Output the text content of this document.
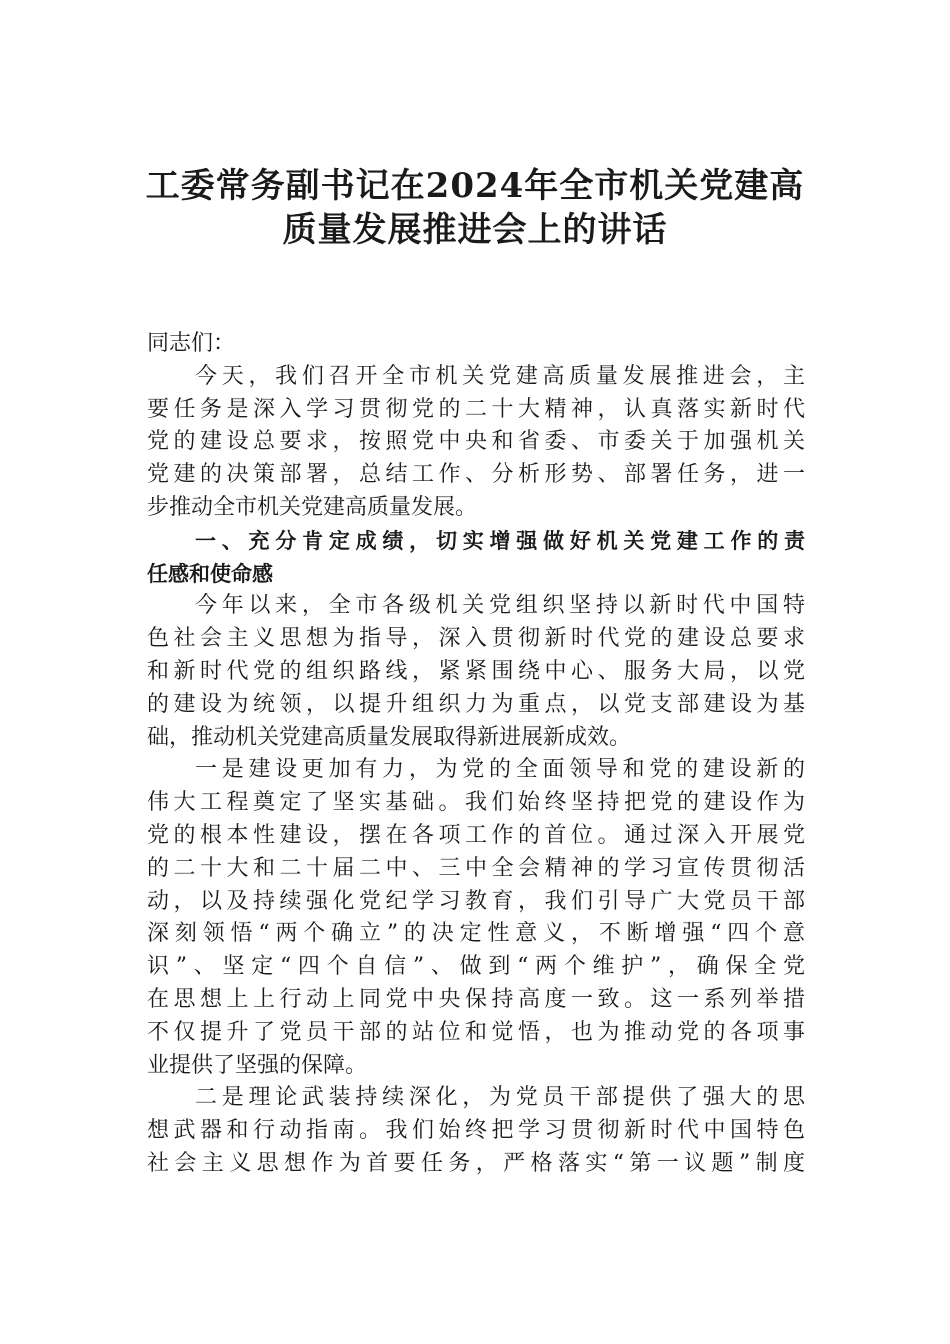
工委常务副书记在2024年全市机关党建高
质量发展推进会上的讲话
同志们：
今天，我们召开全市机关党建高质量发展推进会，主
要任务是深入学习贯彻党的二十大精神，认真落实新时代
党的建设总要求，按照党中央和省委、市委关于加强机关
党建的决策部署，总结工作、分析形势、部署任务，进一
步推动全市机关党建高质量发展。
一、充分肯定成绩，切实增强做好机关党建工作的责
任感和使命感
今年以来，全市各级机关党组织坚持以新时代中国特
色社会主义思想为指导，深入贯彻新时代党的建设总要求
和新时代党的组织路线，紧紧围绕中心、服务大局，以党
的建设为统领，以提升组织力为重点，以党支部建设为基
础，推动机关党建高质量发展取得新进展新成效。
一是建设更加有力，为党的全面领导和党的建设新的
伟大工程奠定了坚实基础。我们始终坚持把党的建设作为
党的根本性建设，摆在各项工作的首位。通过深入开展党
的二十大和二十届二中、三中全会精神的学习宣传贯彻活
动，以及持续强化党纪学习教育，我们引导广大党员干部
深刻领悟“两个确立”的决定性意义，不断增强“四个意
识”、坚定“四个自信”、做到“两个维护”，确保全党
在思想上上行动上同党中央保持高度一致。这一系列举措
不仅提升了党员干部的站位和觉悟，也为推动党的各项事
业提供了坚强的保障。
二是理论武装持续深化，为党员干部提供了强大的思
想武器和行动指南。我们始终把学习贯彻新时代中国特色
社会主义思想作为首要任务，严格落实“第一议题”制度
